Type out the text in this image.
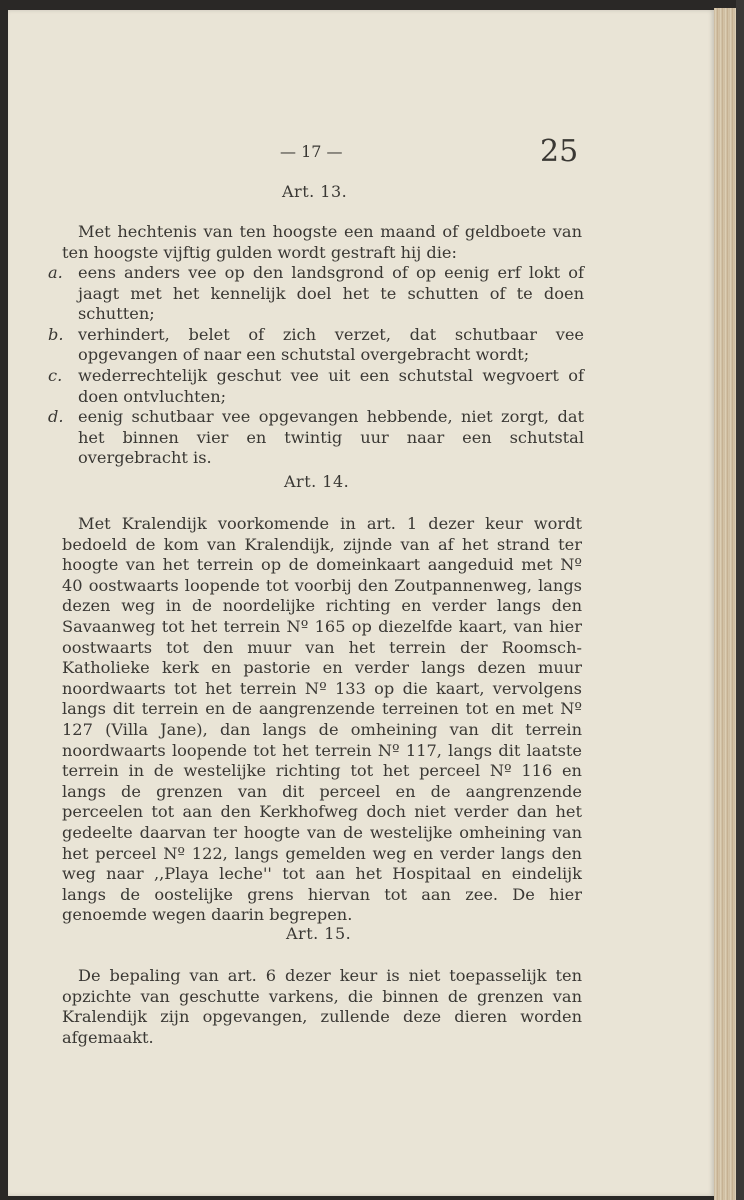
— 17 —	25
Art. 13.
Met hechtenis van ten hoogste een maand of geldboete van ten hoogste vijftig gulden wordt gestraft hij die:
a. eens anders vee op den landsgrond of op eenig erf lokt of jaagt met het kennelijk doel het te schutten of te doen schutten;
b. verhindert, belet of zich verzet, dat schutbaar vee opgevangen of naar een schutstal overgebracht wordt;
c. wederrechtelijk geschut vee uit een schutstal wegvoert of doen ontvluchten;
d. eenig schutbaar vee opgevangen hebbende, niet zorgt, dat het binnen vier en twintig uur naar een schutstal overgebracht is.
Art. 14.
Met Kralendijk voorkomende in art. 1 dezer keur wordt bedoeld de kom van Kralendijk, zijnde van af het strand ter hoogte van het terrein op de domeinkaart aangeduid met Nº 40 oostwaarts loopende tot voorbij den Zoutpannenweg, langs dezen weg in de noordelijke richting en verder langs den Savaanweg tot het terrein Nº 165 op diezelfde kaart, van hier oostwaarts tot den muur van het terrein der Roomsch-Katholieke kerk en pastorie en verder langs dezen muur noordwaarts tot het terrein Nº 133 op die kaart, vervolgens langs dit terrein en de aangrenzende terreinen tot en met Nº 127 (Villa Jane), dan langs de omheining van dit terrein noordwaarts loopende tot het terrein Nº 117, langs dit laatste terrein in de westelijke richting tot het perceel Nº 116 en langs de grenzen van dit perceel en de aangrenzende perceelen tot aan den Kerkhofweg doch niet verder dan het gedeelte daarvan ter hoogte van de westelijke omheining van het perceel Nº 122, langs gemelden weg en verder langs den weg naar ,,Playa leche'' tot aan het Hospitaal en eindelijk langs de oostelijke grens hiervan tot aan zee. De hier genoemde wegen daarin begrepen.
Art. 15.
De bepaling van art. 6 dezer keur is niet toepasselijk ten opzichte van geschutte varkens, die binnen de grenzen van Kralendijk zijn opgevangen, zullende deze dieren worden afgemaakt.
